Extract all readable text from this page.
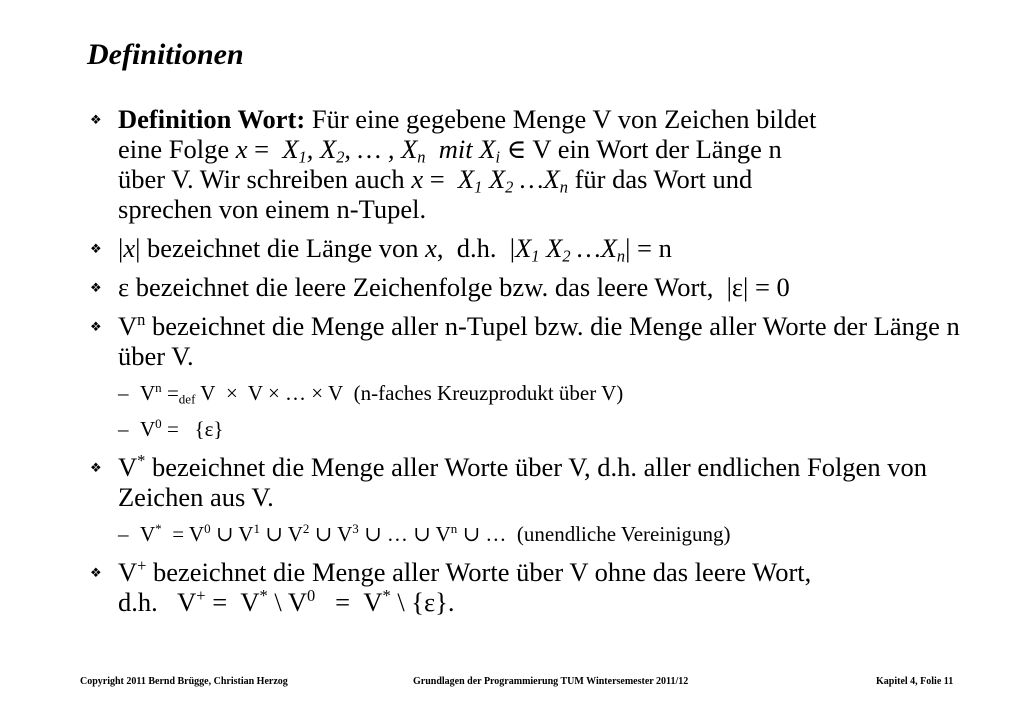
Definitionen
❖ Definition Wort: Für eine gegebene Menge V von Zeichen bildet
eine Folge $x = X_1$, $X_2$, … , $X_n$  mit $X_i$ ∈ V ein Wort der Länge n
über V. Wir schreiben auch $x = X_1$ $X_2$ $\dots X_n$ für das Wort und
sprechen von einem n-Tupel.
❖ |x| bezeichnet die Länge von x,  d.h.  $|X_1$ $X_2$ $\dots X_n| = n$
❖ ε bezeichnet die leere Zeichenfolge bzw. das leere Wort,  |ε| = 0
❖ $V^n$ bezeichnet die Menge aller n-Tupel bzw. die Menge aller Worte der Länge n über V.
– $V^n =_{def}$ V  ×  V × … × V  (n-faches Kreuzprodukt über V)
– $V^0 = \{\varepsilon\}$
❖ V* bezeichnet die Menge aller Worte über V, d.h. aller endlichen Folgen von Zeichen aus V.
– $V^* = V^0$ ∪ $V^1$ ∪ $V^2$ ∪ $V^3$ ∪ … ∪ $V^n$ ∪ …  (unendliche Vereinigung)
❖ V+ bezeichnet die Menge aller Worte über V ohne das leere Wort,
d.h.   V+ =  V* \ $V^0 = V^*$ \ {ε}.
Copyright 2011 Bernd Brügge, Christian Herzog	Grundlagen der Programmierung TUM Wintersemester 2011/12	Kapitel 4, Folie 11
